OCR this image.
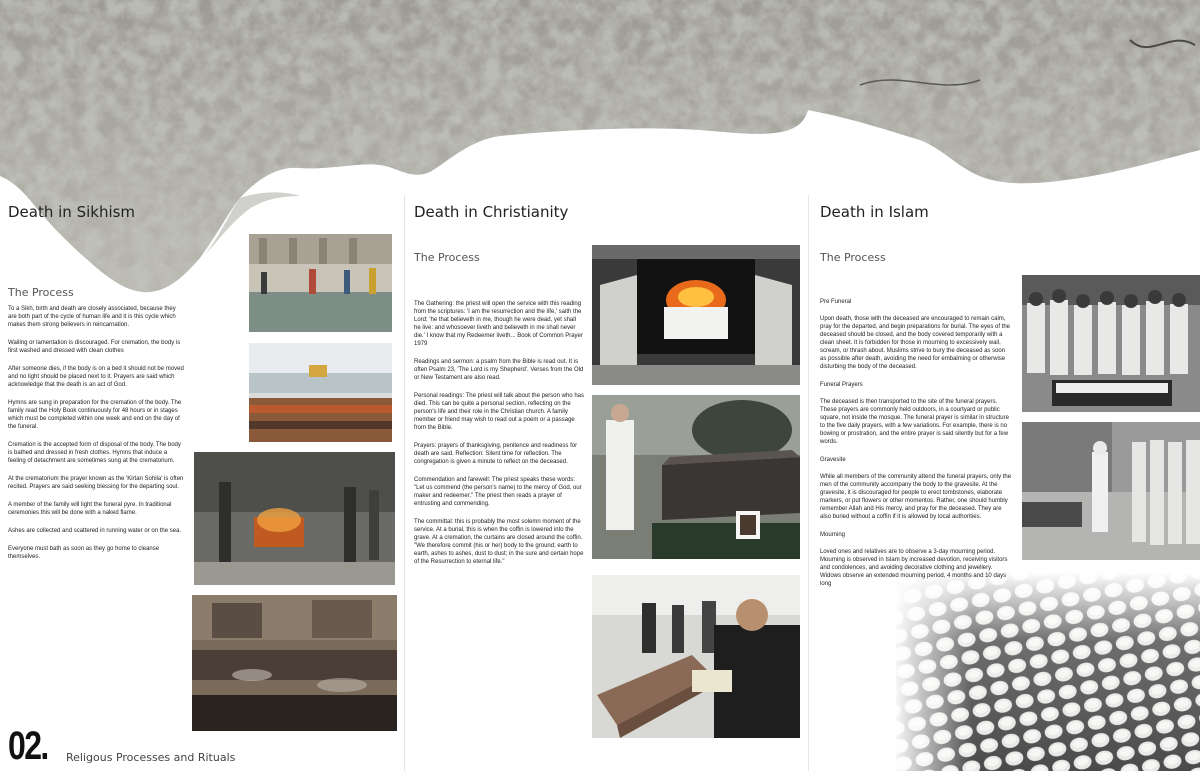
Death in Sikhism
The Process

To a Sikh, birth and death are closely associated, because they are both part of the cycle of human life and it is this cycle which makes them strong believers in reincarnation.

Wailing or lamentation is discouraged. For cremation, the body is first washed and dressed with clean clothes

After someone dies, if the body is on a bed it should not be moved and no light should be placed next to it. Prayers are said which acknowledge that the death is an act of God.

Hymns are sung in preparation for the cremation of the body. The family read the Holy Book continuously for 48 hours or in stages which must be completed within one week and end on the day of the funeral.

Cremation is the accepted form of disposal of the body. The body is bathed and dressed in fresh clothes. Hymns that induce a feeling of detachment are sometimes sung at the crematorium.

At the crematorium the prayer known as the 'Kirtan Sohila' is often recited. Prayers are said seeking blessing for the departing soul.

A member of the family will light the funeral pyre. In traditional ceremonies this will be done with a naked flame.

Ashes are collected and scattered in running water or on the sea.

Everyone must bath as soon as they go home to cleanse themselves.

Death in Christianity
The Process

The Gathering: the priest will open the service with this reading from the scriptures: 'I am the resurrection and the life,' saith the Lord; 'he that believeth in me, though he were dead, yet shall he live: and whosoever liveth and believeth in me shall never die.' I know that my Redeemer liveth... Book of Common Prayer 1979

Readings and sermon: a psalm from the Bible is read out. It is often Psalm 23, 'The Lord is my Shepherd'. Verses from the Old or New Testament are also read.

Personal readings: The priest will talk about the person who has died. This can be quite a personal section, reflecting on the person's life and their role in the Christian church. A family member or friend may wish to read out a poem or a passage from the Bible.

Prayers: prayers of thanksgiving, penitence and readiness for death are said. Reflection: Silent time for reflection. The congregation is given a minute to reflect on the deceased.

Commendation and farewell: The priest speaks these words: "Let us commend (the person's name) to the mercy of God, our maker and redeemer." The priest then reads a prayer of entrusting and commending.

The committal: this is probably the most solemn moment of the service. At a burial, this is when the coffin is lowered into the grave. At a cremation, the curtains are closed around the coffin. "We therefore commit (his or her) body to the ground; earth to earth, ashes to ashes, dust to dust; in the sure and certain hope of the Resurrection to eternal life."

Death in Islam
The Process

Pre Funeral

Upon death, those with the deceased are encouraged to remain calm, pray for the departed, and begin preparations for burial. The eyes of the deceased should be closed, and the body covered temporarily with a clean sheet. It is forbidden for those in mourning to excessively wail, scream, or thrash about. Muslims strive to bury the deceased as soon as possible after death, avoiding the need for embalming or otherwise disturbing the body of the deceased.

Funeral Prayers

The deceased is then transported to the site of the funeral prayers. These prayers are commonly held outdoors, in a courtyard or public square, not inside the mosque. The funeral prayer is similar in structure to the five daily prayers, with a few variations. For example, there is no bowing or prostration, and the entire prayer is said silently but for a few words.

Gravesite

While all members of the community attend the funeral prayers, only the men of the community accompany the body to the gravesite. At the gravesite, it is discouraged for people to erect tombstones, elaborate markers, or put flowers or other momentos. Rather, one should humbly remember Allah and His mercy, and pray for the deceased. They are also buried without a coffin if it is allowed by local authorities.

Mourning

Loved ones and relatives are to observe a 3-day mourning period. Mourning is observed in Islam by increased devotion, receiving visitors and condolences, and avoiding decorative clothing and jewellery. Widows observe an extended mourning period, 4 months and 10 days long

02. Religous Processes and Rituals
